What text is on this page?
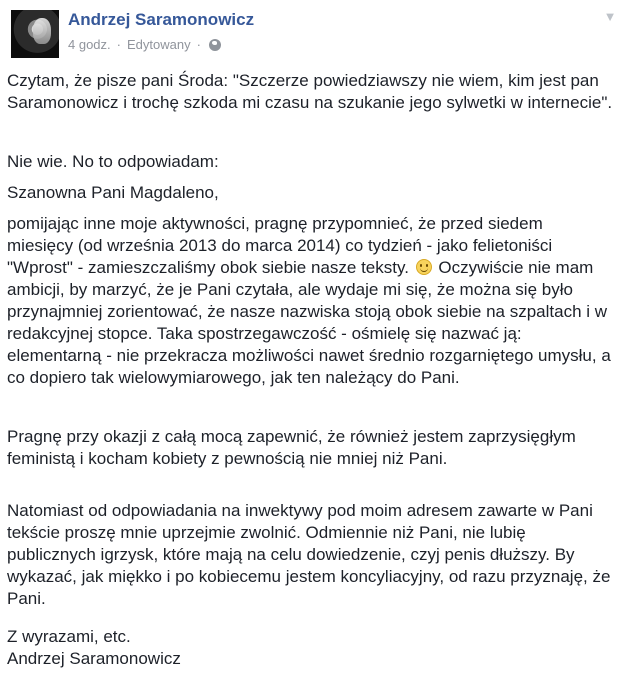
Andrzej Saramonowicz
4 godz. · Edytowany ·
▼

Czytam, że pisze pani Środa: "Szczerze powiedziawszy nie wiem, kim jest pan Saramonowicz i trochę szkoda mi czasu na szukanie jego sylwetki w internecie".

Nie wie. No to odpowiadam:

Szanowna Pani Magdaleno,

pomijając inne moje aktywności, pragnę przypomnieć, że przed siedem miesięcy (od września 2013 do marca 2014) co tydzień - jako felietoniści "Wprost" - zamieszczaliśmy obok siebie nasze teksty. Oczywiście nie mam ambicji, by marzyć, że je Pani czytała, ale wydaje mi się, że można się było przynajmniej zorientować, że nasze nazwiska stoją obok siebie na szpaltach i w redakcyjnej stopce. Taka spostrzegawczość - ośmielę się nazwać ją: elementarną - nie przekracza możliwości nawet średnio rozgarniętego umysłu, a co dopiero tak wielowymiarowego, jak ten należący do Pani.

Pragnę przy okazji z całą mocą zapewnić, że również jestem zaprzysięgłym feministą i kocham kobiety z pewnością nie mniej niż Pani.

Natomiast od odpowiadania na inwektywy pod moim adresem zawarte w Pani tekście proszę mnie uprzejmie zwolnić. Odmiennie niż Pani, nie lubię publicznych igrzysk, które mają na celu dowiedzenie, czyj penis dłuższy. By wykazać, jak miękko i po kobiecemu jestem koncyliacyjny, od razu przyznaję, że Pani.

Z wyrazami, etc.
Andrzej Saramonowicz
